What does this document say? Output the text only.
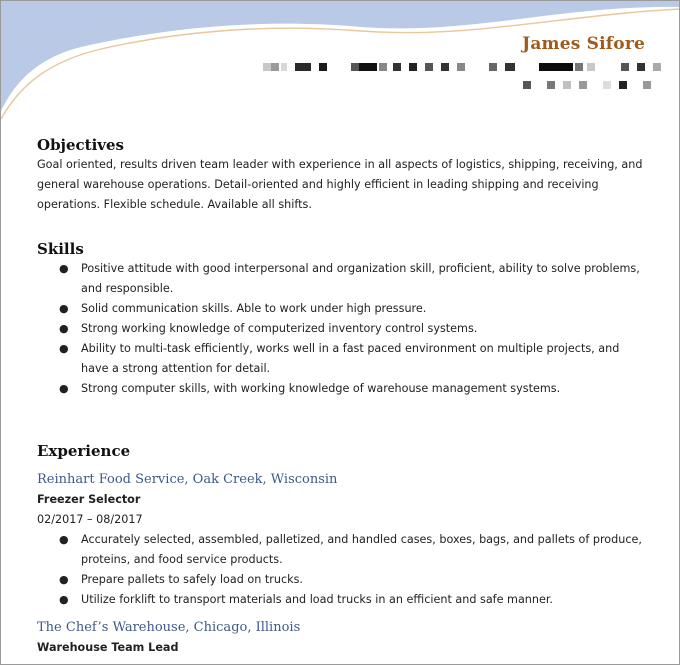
James Sifore
Objectives

Goal oriented, results driven team leader with experience in all aspects of logistics, shipping, receiving, and general warehouse operations. Detail-oriented and highly efficient in leading shipping and receiving operations. Flexible schedule. Available all shifts.

Skills
● Positive attitude with good interpersonal and organization skill, proficient, ability to solve problems, and responsible.
● Solid communication skills. Able to work under high pressure.
● Strong working knowledge of computerized inventory control systems.
● Ability to multi-task efficiently, works well in a fast paced environment on multiple projects, and have a strong attention for detail.
● Strong computer skills, with working knowledge of warehouse management systems.
Experience

Reinhart Food Service, Oak Creek, Wisconsin

Freezer Selector

02/2017 – 08/2017

● Accurately selected, assembled, palletized, and handled cases, boxes, bags, and pallets of produce, proteins, and food service products.
● Prepare pallets to safely load on trucks.
● Utilize forklift to transport materials and load trucks in an efficient and safe manner.

The Chef’s Warehouse, Chicago, Illinois

Warehouse Team Lead
